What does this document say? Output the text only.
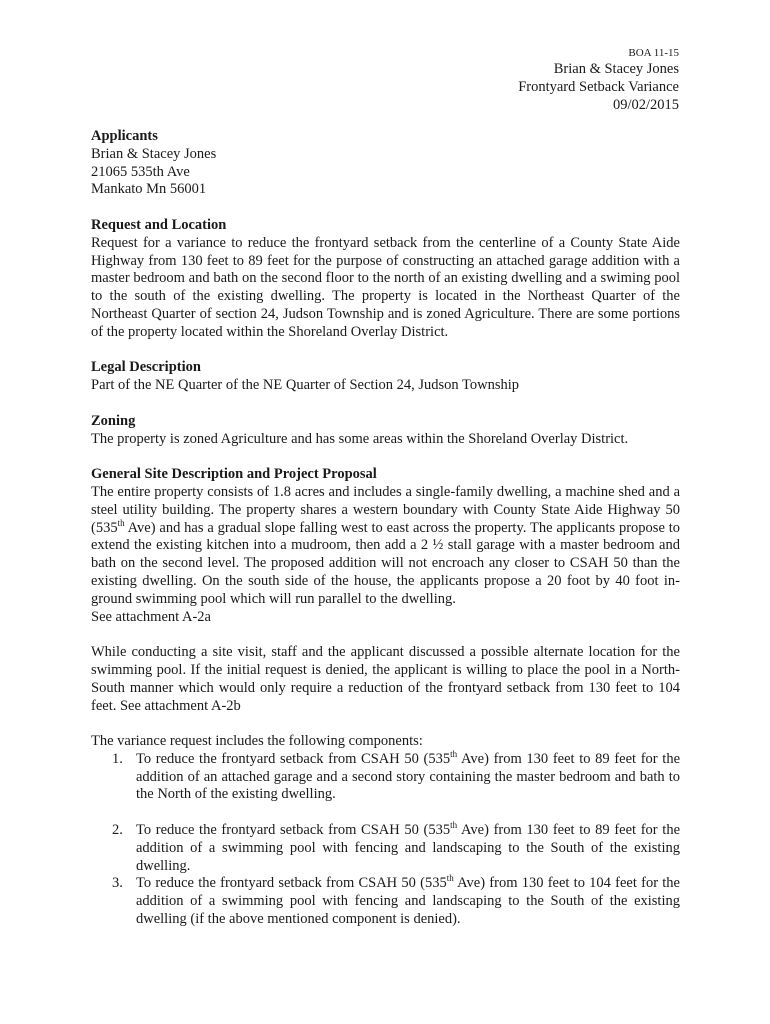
BOA 11-15
Brian & Stacey Jones
Frontyard Setback Variance
09/02/2015
Applicants
Brian & Stacey Jones
21065 535th Ave
Mankato Mn 56001
Request and Location
Request for a variance to reduce the frontyard setback from the centerline of a County State Aide Highway from 130 feet to 89 feet for the purpose of constructing an attached garage addition with a master bedroom and bath on the second floor to the north of an existing dwelling and a swiming pool to the south of the existing dwelling. The property is located in the Northeast Quarter of the Northeast Quarter of section 24, Judson Township and is zoned Agriculture. There are some portions of the property located within the Shoreland Overlay District.
Legal Description
Part of the NE Quarter of the NE Quarter of Section 24, Judson Township
Zoning
The property is zoned Agriculture and has some areas within the Shoreland Overlay District.
General Site Description and Project Proposal
The entire property consists of 1.8 acres and includes a single-family dwelling, a machine shed and a steel utility building. The property shares a western boundary with County State Aide Highway 50 (535th Ave) and has a gradual slope falling west to east across the property. The applicants propose to extend the existing kitchen into a mudroom, then add a 2 ½ stall garage with a master bedroom and bath on the second level. The proposed addition will not encroach any closer to CSAH 50 than the existing dwelling. On the south side of the house, the applicants propose a 20 foot by 40 foot in-ground swimming pool which will run parallel to the dwelling.
See attachment A-2a
While conducting a site visit, staff and the applicant discussed a possible alternate location for the swimming pool. If the initial request is denied, the applicant is willing to place the pool in a North-South manner which would only require a reduction of the frontyard setback from 130 feet to 104 feet. See attachment A-2b
The variance request includes the following components:
1. To reduce the frontyard setback from CSAH 50 (535th Ave) from 130 feet to 89 feet for the addition of an attached garage and a second story containing the master bedroom and bath to the North of the existing dwelling.
2. To reduce the frontyard setback from CSAH 50 (535th Ave) from 130 feet to 89 feet for the addition of a swimming pool with fencing and landscaping to the South of the existing dwelling.
3. To reduce the frontyard setback from CSAH 50 (535th Ave) from 130 feet to 104 feet for the addition of a swimming pool with fencing and landscaping to the South of the existing dwelling (if the above mentioned component is denied).
